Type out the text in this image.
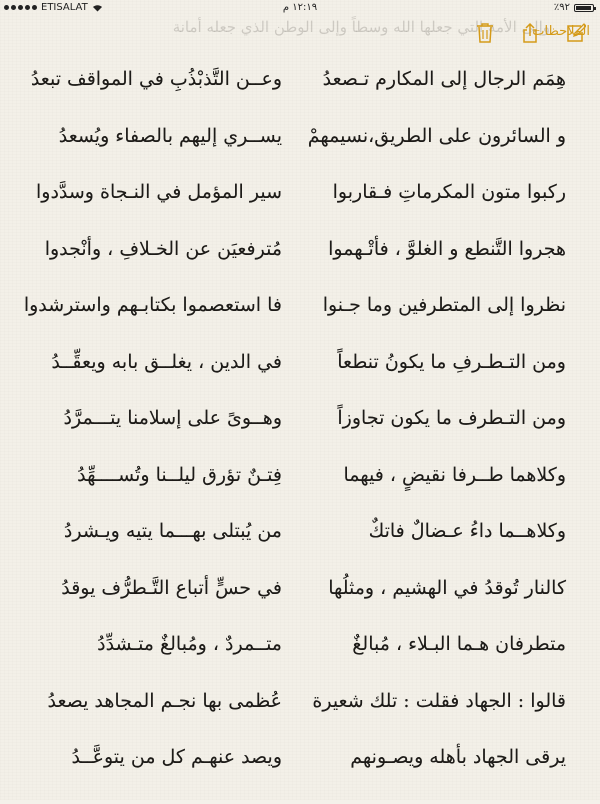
ETISALAT	١٢:١٩ م	٪٩٢
وإلى الأمة التي جعلها الله وسطاً وإلى الوطن الذي جعله أمانة
الملاحظات
هِمَم الرجال إلى المكارم تـصعدُ
وعــن التَّذبْذُبِ في المواقف تبعدُ
و السائرون على الطريق،نسيمهمْ
يســري إليهم بالصفاء ويُسعدُ
ركبوا متون المكرماتِ فـقاربوا
سير المؤمل في النـجاة وسدَّدوا
هجروا التَّنطع و الغلوَّ ، فأتْـهموا
مُترفعيَن عن الخـلافِ ، وأنْجدوا
نظروا إلى المتطرفين وما جـنوا
فا استعصموا بكتابـهم واسترشدوا
ومن التـطـرفِ ما يكونُ تنطعاً
في الدين ، يغلــق بابه ويعقِّــدُ
ومن التـطرف ما يكون تجاوزاً
وهــوىً على إسلامنا يتـــمرَّدُ
وكلاهما طــرفا نقيضٍ ، فيهما
فِتـنٌ تؤرق ليلــنا وتُســــهِّدُ
وكلاهــما داءُ عـضالٌ فاتكٌ
من يُبتلى بهـــما يتيه ويـشردُ
كالنار تُوقدُ في الهشيم ، ومثلُها
في حسٍّ أتباع التَّـطرُّف يوقدُ
متطرفان هـما البـلاء ، مُبالغٌ
متــمردٌ ، ومُبالغٌ متـشدِّدُ
قالوا : الجهاد فقلت : تلك شعيرة
عُظمى بها نجـم المجاهد يصعدُ
يرقى الجهاد بأهله ويصـونهم
ويصد عنهـم كل من يتوعَّــدُ
